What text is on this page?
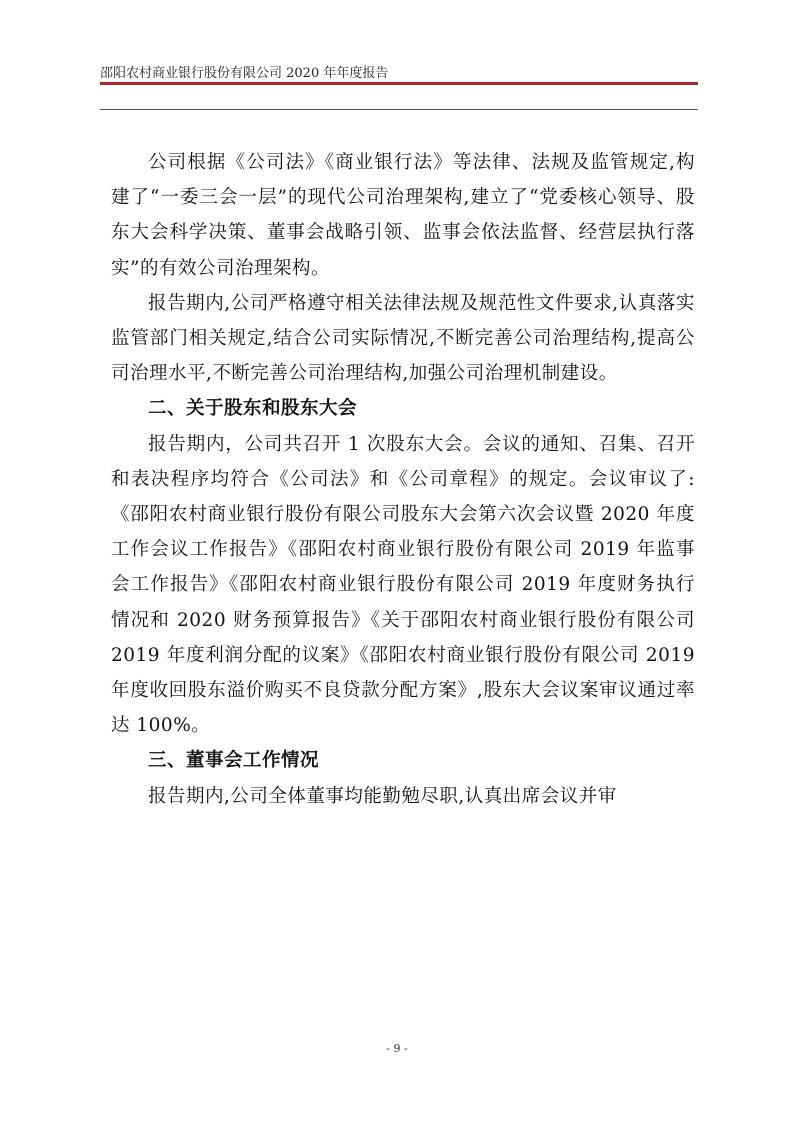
邵阳农村商业银行股份有限公司 2020 年年度报告

公司根据《公司法》《商业银行法》等法律、法规及监管规定,构建了“一委三会一层”的现代公司治理架构,建立了“党委核心领导、股东大会科学决策、董事会战略引领、监事会依法监督、经营层执行落实”的有效公司治理架构。

报告期内,公司严格遵守相关法律法规及规范性文件要求,认真落实监管部门相关规定,结合公司实际情况,不断完善公司治理结构,提高公司治理水平,不断完善公司治理结构,加强公司治理机制建设。

二、关于股东和股东大会

报告期内，公司共召开 1 次股东大会。会议的通知、召集、召开和表决程序均符合《公司法》和《公司章程》的规定。会议审议了:《邵阳农村商业银行股份有限公司股东大会第六次会议暨 2020 年度工作会议工作报告》《邵阳农村商业银行股份有限公司 2019 年监事会工作报告》《邵阳农村商业银行股份有限公司 2019 年度财务执行情况和 2020 财务预算报告》《关于邵阳农村商业银行股份有限公司 2019 年度利润分配的议案》《邵阳农村商业银行股份有限公司 2019 年度收回股东溢价购买不良贷款分配方案》,股东大会议案审议通过率达 100%。

三、董事会工作情况

报告期内,公司全体董事均能勤勉尽职,认真出席会议并审

- 9 -
